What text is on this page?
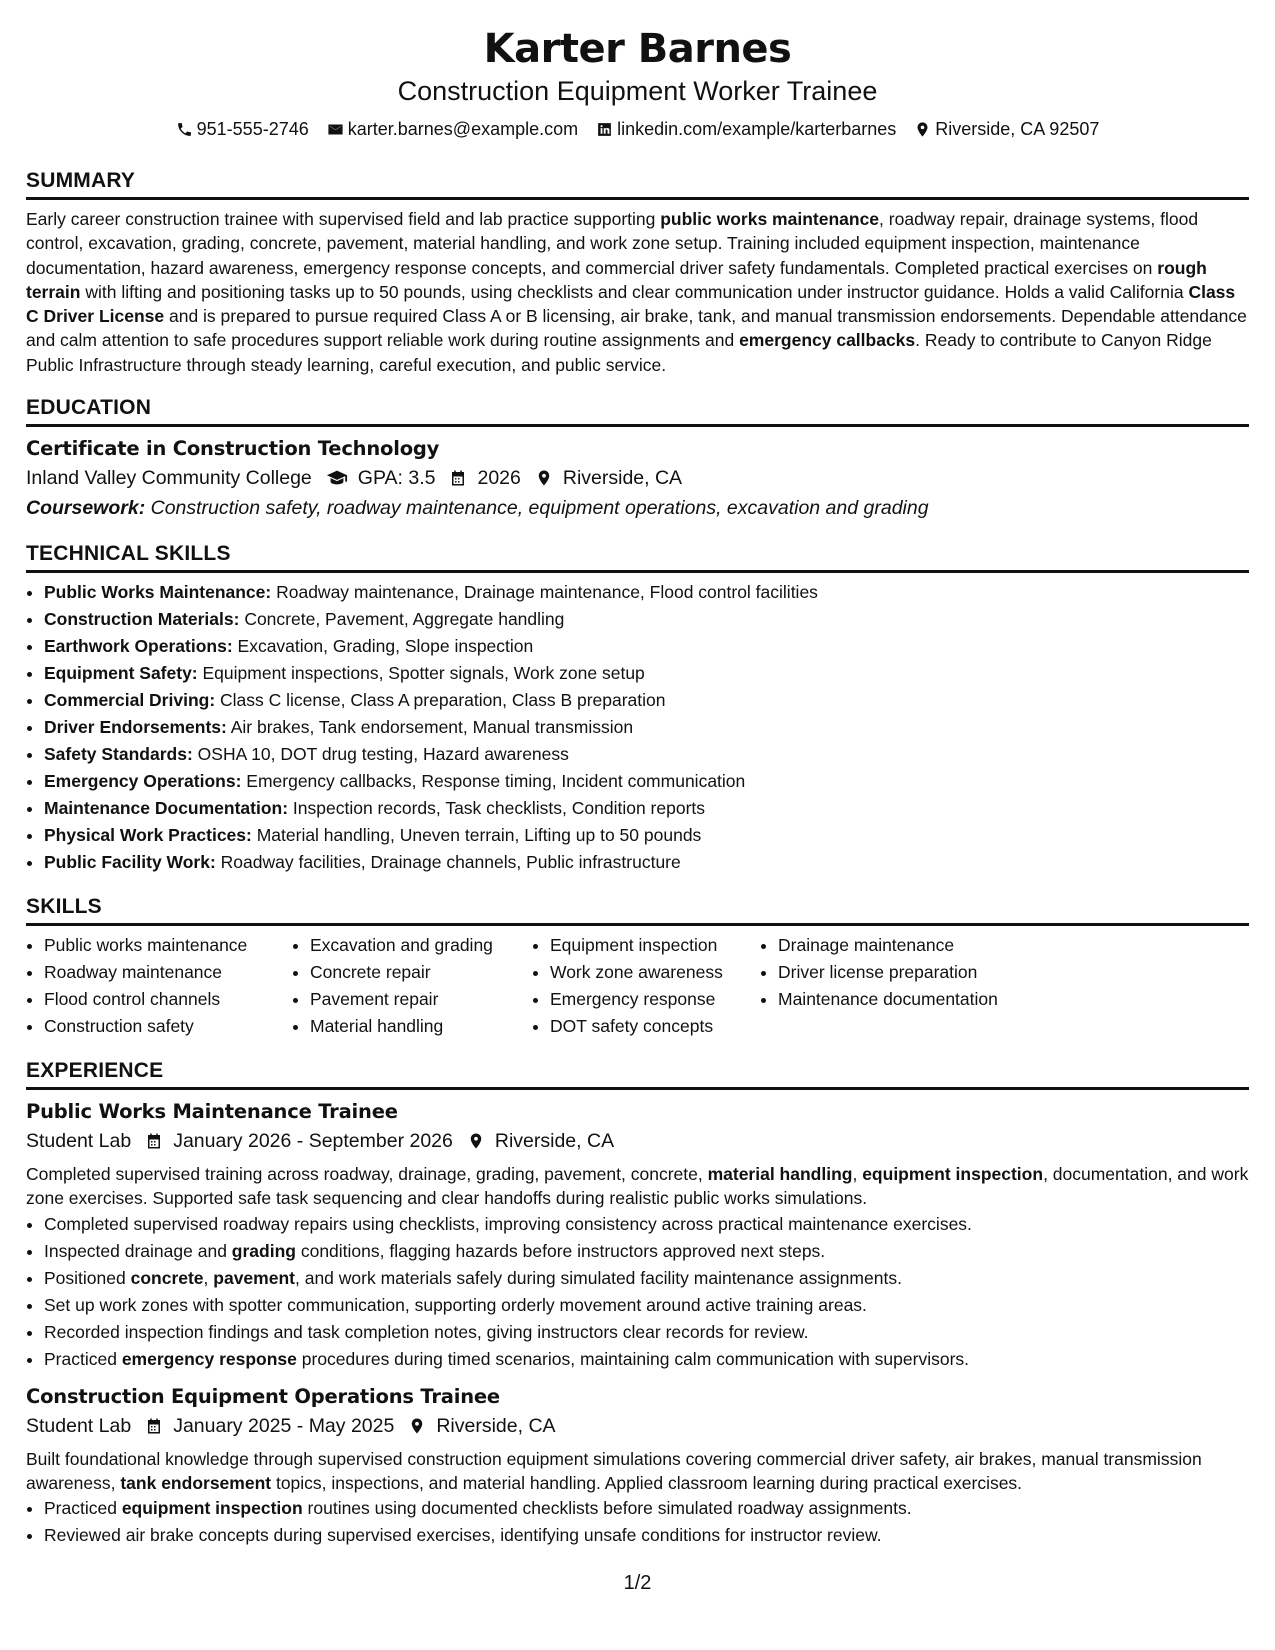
Karter Barnes
Construction Equipment Worker Trainee
951-555-2746 karter.barnes@example.com linkedin.com/example/karterbarnes Riverside, CA 92507
SUMMARY

Early career construction trainee with supervised field and lab practice supporting public works maintenance, roadway repair, drainage systems, flood control, excavation, grading, concrete, pavement, material handling, and work zone setup. Training included equipment inspection, maintenance documentation, hazard awareness, emergency response concepts, and commercial driver safety fundamentals. Completed practical exercises on rough terrain with lifting and positioning tasks up to 50 pounds, using checklists and clear communication under instructor guidance. Holds a valid California Class C Driver License and is prepared to pursue required Class A or B licensing, air brake, tank, and manual transmission endorsements. Dependable attendance and calm attention to safe procedures support reliable work during routine assignments and emergency callbacks. Ready to contribute to Canyon Ridge Public Infrastructure through steady learning, careful execution, and public service.

EDUCATION
Certificate in Construction Technology
Inland Valley Community College GPA: 3.5 2026 Riverside, CA
Coursework: Construction safety, roadway maintenance, equipment operations, excavation and grading
TECHNICAL SKILLS
• Public Works Maintenance: Roadway maintenance, Drainage maintenance, Flood control facilities
• Construction Materials: Concrete, Pavement, Aggregate handling
• Earthwork Operations: Excavation, Grading, Slope inspection
• Equipment Safety: Equipment inspections, Spotter signals, Work zone setup
• Commercial Driving: Class C license, Class A preparation, Class B preparation
• Driver Endorsements: Air brakes, Tank endorsement, Manual transmission
• Safety Standards: OSHA 10, DOT drug testing, Hazard awareness
• Emergency Operations: Emergency callbacks, Response timing, Incident communication
• Maintenance Documentation: Inspection records, Task checklists, Condition reports
• Physical Work Practices: Material handling, Uneven terrain, Lifting up to 50 pounds
• Public Facility Work: Roadway facilities, Drainage channels, Public infrastructure
SKILLS
• Public works maintenance
• Roadway maintenance
• Flood control channels
• Construction safety
• Excavation and grading
• Concrete repair
• Pavement repair
• Material handling
• Equipment inspection
• Work zone awareness
• Emergency response
• DOT safety concepts
• Drainage maintenance
• Driver license preparation
• Maintenance documentation
EXPERIENCE
Public Works Maintenance Trainee
Student Lab January 2026 - September 2026 Riverside, CA

Completed supervised training across roadway, drainage, grading, pavement, concrete, material handling, equipment inspection, documentation, and work zone exercises. Supported safe task sequencing and clear handoffs during realistic public works simulations.

• Completed supervised roadway repairs using checklists, improving consistency across practical maintenance exercises.
• Inspected drainage and grading conditions, flagging hazards before instructors approved next steps.
• Positioned concrete, pavement, and work materials safely during simulated facility maintenance assignments.
• Set up work zones with spotter communication, supporting orderly movement around active training areas.
• Recorded inspection findings and task completion notes, giving instructors clear records for review.
• Practiced emergency response procedures during timed scenarios, maintaining calm communication with supervisors.
Construction Equipment Operations Trainee
Student Lab January 2025 - May 2025 Riverside, CA

Built foundational knowledge through supervised construction equipment simulations covering commercial driver safety, air brakes, manual transmission awareness, tank endorsement topics, inspections, and material handling. Applied classroom learning during practical exercises.

• Practiced equipment inspection routines using documented checklists before simulated roadway assignments.
• Reviewed air brake concepts during supervised exercises, identifying unsafe conditions for instructor review.
1/2
